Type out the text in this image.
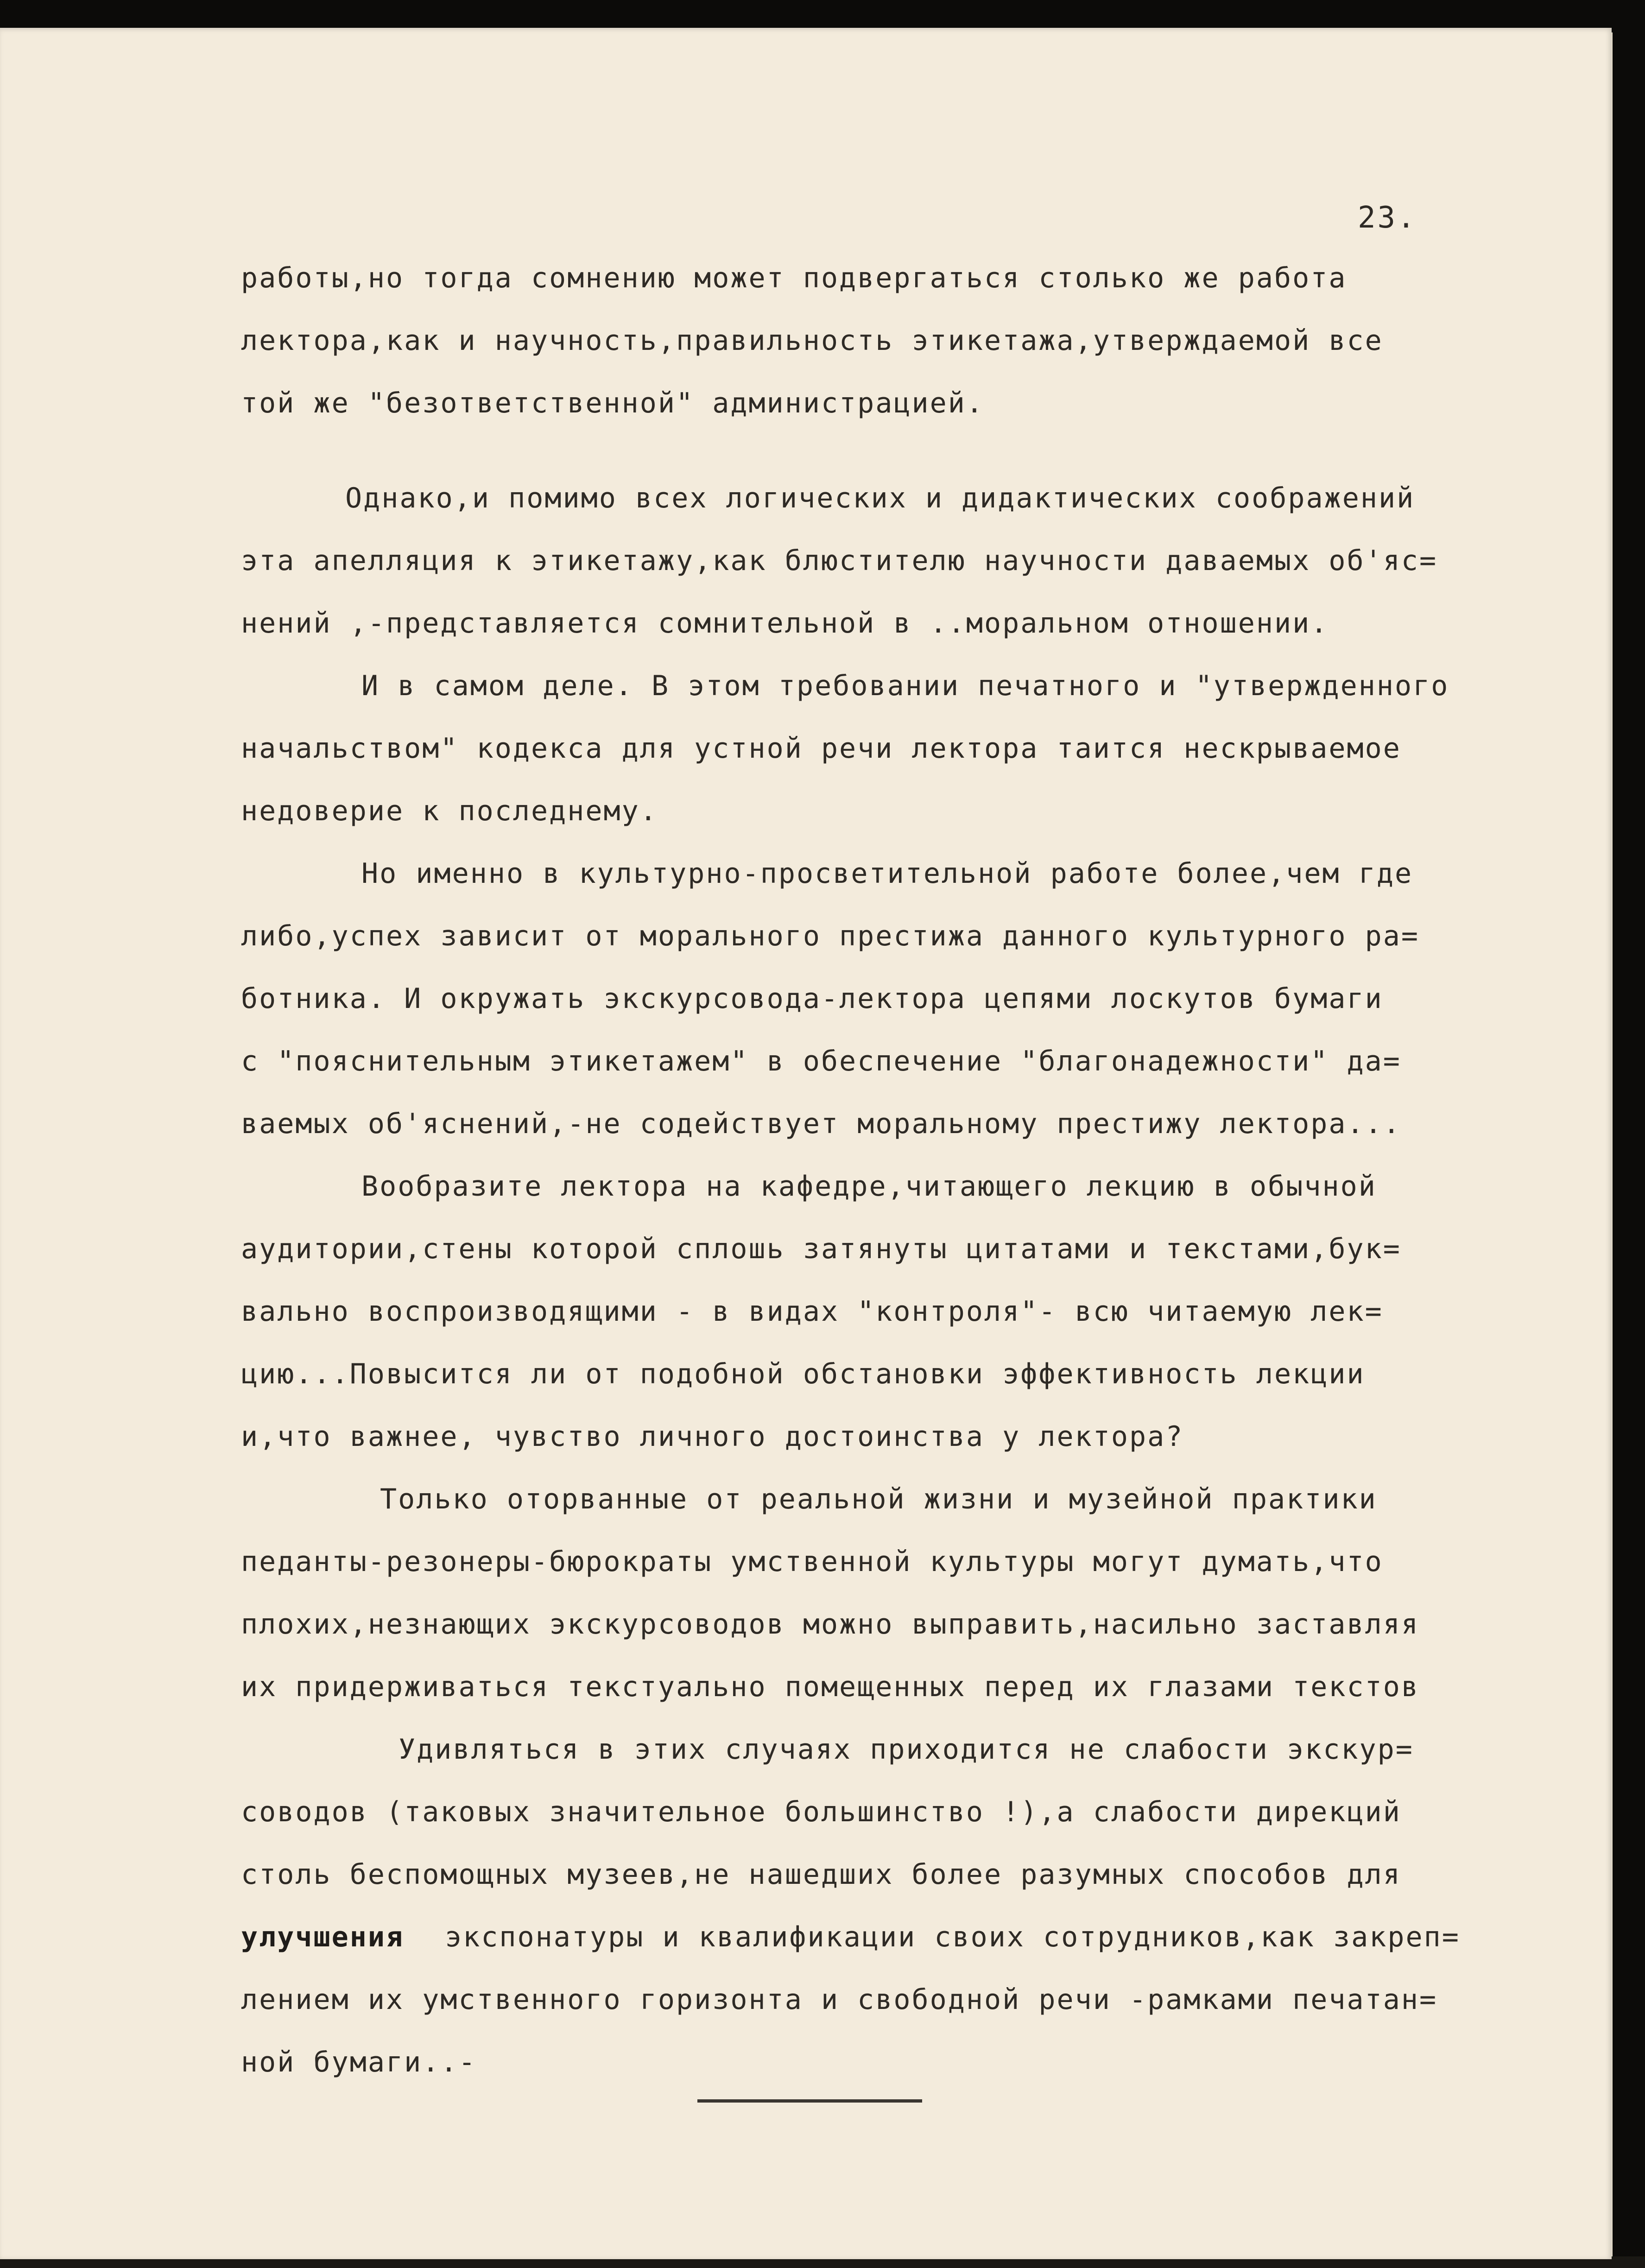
23.
работы,но тогда сомнению может подвергаться столько же работа
лектора,как и научность,правильность этикетажа,утверждаемой все
той же "безответственной" администрацией.
Однако,и помимо всех логических и дидактических соображений
эта апелляция к этикетажу,как блюстителю научности даваемых об'яс=
нений ,-представляется сомнительной в ..моральном отношении.
И в самом деле. В этом требовании печатного и "утвержденного
начальством" кодекса для устной речи лектора таится нескрываемое
недоверие к последнему.
Но именно в культурно-просветительной работе более,чем где
либо,успех зависит от морального престижа данного культурного ра=
ботника. И окружать экскурсовода-лектора цепями лоскутов бумаги
с "пояснительным этикетажем" в обеспечение "благонадежности" да=
ваемых об'яснений,-не содействует моральному престижу лектора...
Вообразите лектора на кафедре,читающего лекцию в обычной
аудитории,стены которой сплошь затянуты цитатами и текстами,бук=
вально воспроизводящими - в видах "контроля"- всю читаемую лек=
цию...Повысится ли от подобной обстановки эффективность лекции
и,что важнее, чувство личного достоинства у лектора?
Только оторванные от реальной жизни и музейной практики
педанты-резонеры-бюрократы умственной культуры могут думать,что
плохих,незнающих экскурсоводов можно выправить,насильно заставляя
их придерживаться текстуально помещенных перед их глазами текстов
Удивляться в этих случаях приходится не слабости экскур=
соводов (таковых значительное большинство !),а слабости дирекций
столь беспомощных музеев,не нашедших более разумных способов для
улучшения экспонатуры и квалификации своих сотрудников,как закреп=
лением их умственного горизонта и свободной речи -рамками печатан=
ной бумаги..-
